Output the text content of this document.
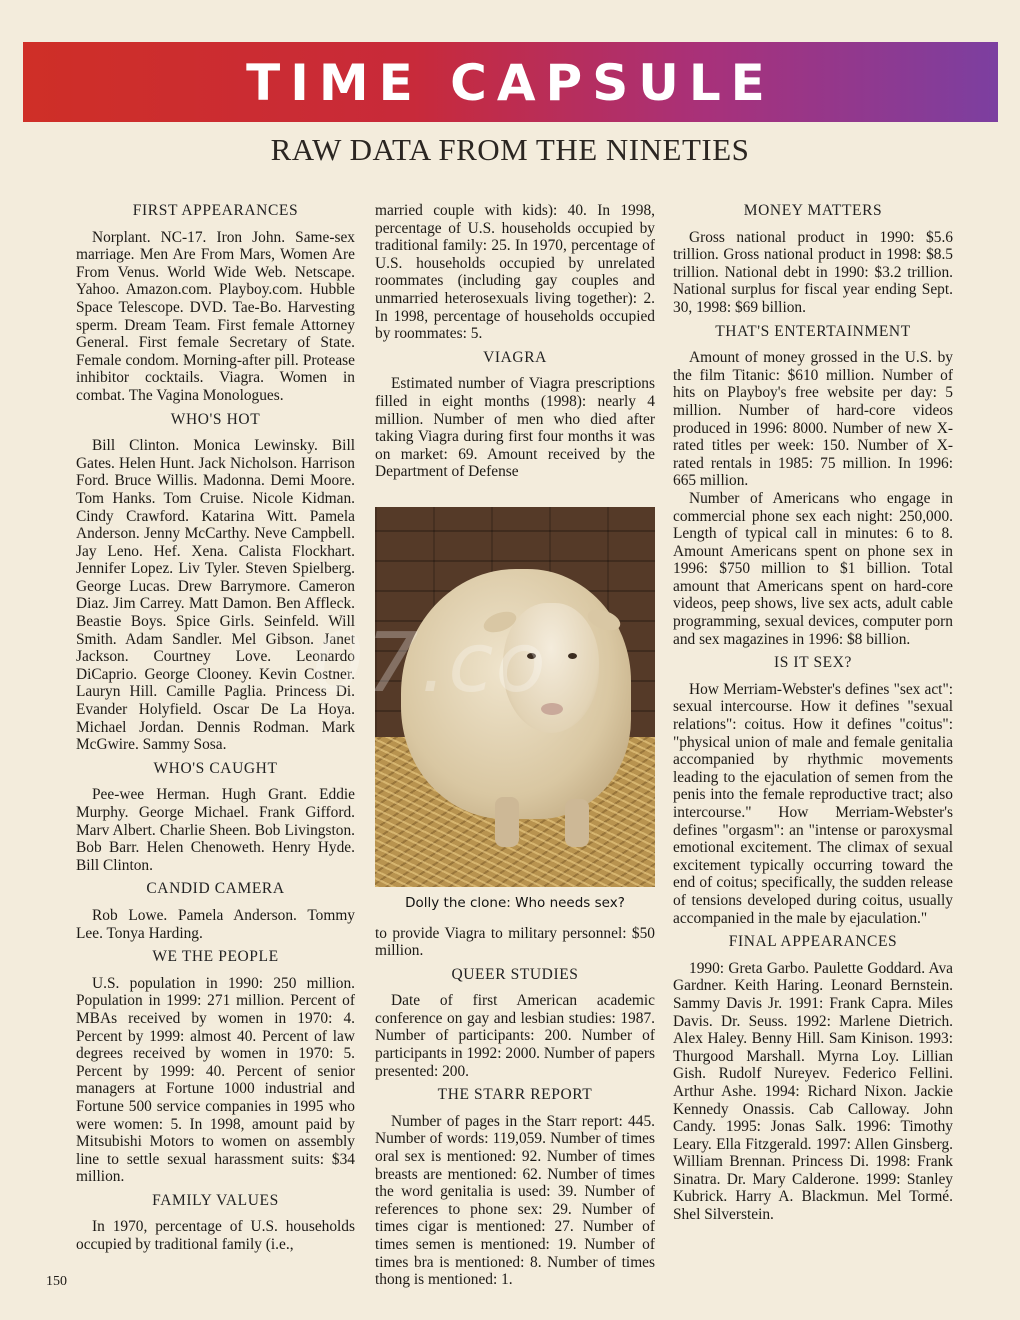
TIME CAPSULE
RAW DATA FROM THE NINETIES
FIRST APPEARANCES

Norplant. NC-17. Iron John. Same-sex marriage. Men Are From Mars, Women Are From Venus. World Wide Web. Netscape. Yahoo. Amazon.com. Playboy.com. Hubble Space Telescope. DVD. Tae-Bo. Harvesting sperm. Dream Team. First female Attorney General. First female Secretary of State. Female condom. Morning-after pill. Protease inhibitor cocktails. Viagra. Women in combat. The Vagina Monologues.

WHO'S HOT

Bill Clinton. Monica Lewinsky. Bill Gates. Helen Hunt. Jack Nicholson. Harrison Ford. Bruce Willis. Madonna. Demi Moore. Tom Hanks. Tom Cruise. Nicole Kidman. Cindy Crawford. Katarina Witt. Pamela Anderson. Jenny McCarthy. Neve Campbell. Jay Leno. Hef. Xena. Calista Flockhart. Jennifer Lopez. Liv Tyler. Steven Spielberg. George Lucas. Drew Barrymore. Cameron Diaz. Jim Carrey. Matt Damon. Ben Affleck. Beastie Boys. Spice Girls. Seinfeld. Will Smith. Adam Sandler. Mel Gibson. Janet Jackson. Courtney Love. Leonardo DiCaprio. George Clooney. Kevin Costner. Lauryn Hill. Camille Paglia. Princess Di. Evander Holyfield. Oscar De La Hoya. Michael Jordan. Dennis Rodman. Mark McGwire. Sammy Sosa.

WHO'S CAUGHT

Pee-wee Herman. Hugh Grant. Eddie Murphy. George Michael. Frank Gifford. Marv Albert. Charlie Sheen. Bob Livingston. Bob Barr. Helen Chenoweth. Henry Hyde. Bill Clinton.

CANDID CAMERA

Rob Lowe. Pamela Anderson. Tommy Lee. Tonya Harding.

WE THE PEOPLE

U.S. population in 1990: 250 million. Population in 1999: 271 million. Percent of MBAs received by women in 1970: 4. Percent by 1999: almost 40. Percent of law degrees received by women in 1970: 5. Percent by 1999: 40. Percent of senior managers at Fortune 1000 industrial and Fortune 500 service companies in 1995 who were women: 5. In 1998, amount paid by Mitsubishi Motors to women on assembly line to settle sexual harassment suits: $34 million.

FAMILY VALUES

In 1970, percentage of U.S. households occupied by traditional family (i.e.,

married couple with kids): 40. In 1998, percentage of U.S. households occupied by traditional family: 25. In 1970, percentage of U.S. households occupied by unrelated roommates (including gay couples and unmarried heterosexuals living together): 2. In 1998, percentage of households occupied by roommates: 5.

VIAGRA

Estimated number of Viagra prescriptions filled in eight months (1998): nearly 4 million. Number of men who died after taking Viagra during first four months it was on market: 69. Amount received by the Department of Defense

Dolly the clone: Who needs sex?

to provide Viagra to military personnel: $50 million.

QUEER STUDIES

Date of first American academic conference on gay and lesbian studies: 1987. Number of participants: 200. Number of participants in 1992: 2000. Number of papers presented: 200.

THE STARR REPORT

Number of pages in the Starr report: 445. Number of words: 119,059. Number of times oral sex is mentioned: 92. Number of times breasts are mentioned: 62. Number of times the word genitalia is used: 39. Number of references to phone sex: 29. Number of times cigar is mentioned: 27. Number of times semen is mentioned: 19. Number of times bra is mentioned: 8. Number of times thong is mentioned: 1.

MONEY MATTERS

Gross national product in 1990: $5.6 trillion. Gross national product in 1998: $8.5 trillion. National debt in 1990: $3.2 trillion. National surplus for fiscal year ending Sept. 30, 1998: $69 billion.

THAT'S ENTERTAINMENT

Amount of money grossed in the U.S. by the film Titanic: $610 million. Number of hits on Playboy's free website per day: 5 million. Number of hard-core videos produced in 1996: 8000. Number of new X-rated titles per week: 150. Number of X-rated rentals in 1985: 75 million. In 1996: 665 million.

Number of Americans who engage in commercial phone sex each night: 250,000. Length of typical call in minutes: 6 to 8. Amount Americans spent on phone sex in 1996: $750 million to $1 billion. Total amount that Americans spent on hard-core videos, peep shows, live sex acts, adult cable programming, sexual devices, computer porn and sex magazines in 1996: $8 billion.

IS IT SEX?

How Merriam-Webster's defines "sex act": sexual intercourse. How it defines "sexual relations": coitus. How it defines "coitus": "physical union of male and female genitalia accompanied by rhythmic movements leading to the ejaculation of semen from the penis into the female reproductive tract; also intercourse." How Merriam-Webster's defines "orgasm": an "intense or paroxysmal emotional excitement. The climax of sexual excitement typically occurring toward the end of coitus; specifically, the sudden release of tensions developed during coitus, usually accompanied in the male by ejaculation."

FINAL APPEARANCES

1990: Greta Garbo. Paulette Goddard. Ava Gardner. Keith Haring. Leonard Bernstein. Sammy Davis Jr. 1991: Frank Capra. Miles Davis. Dr. Seuss. 1992: Marlene Dietrich. Alex Haley. Benny Hill. Sam Kinison. 1993: Thurgood Marshall. Myrna Loy. Lillian Gish. Rudolf Nureyev. Federico Fellini. Arthur Ashe. 1994: Richard Nixon. Jackie Kennedy Onassis. Cab Calloway. John Candy. 1995: Jonas Salk. 1996: Timothy Leary. Ella Fitzgerald. 1997: Allen Ginsberg. William Brennan. Princess Di. 1998: Frank Sinatra. Dr. Mary Calderone. 1999: Stanley Kubrick. Harry A. Blackmun. Mel Tormé. Shel Silverstein.

07.co
150
